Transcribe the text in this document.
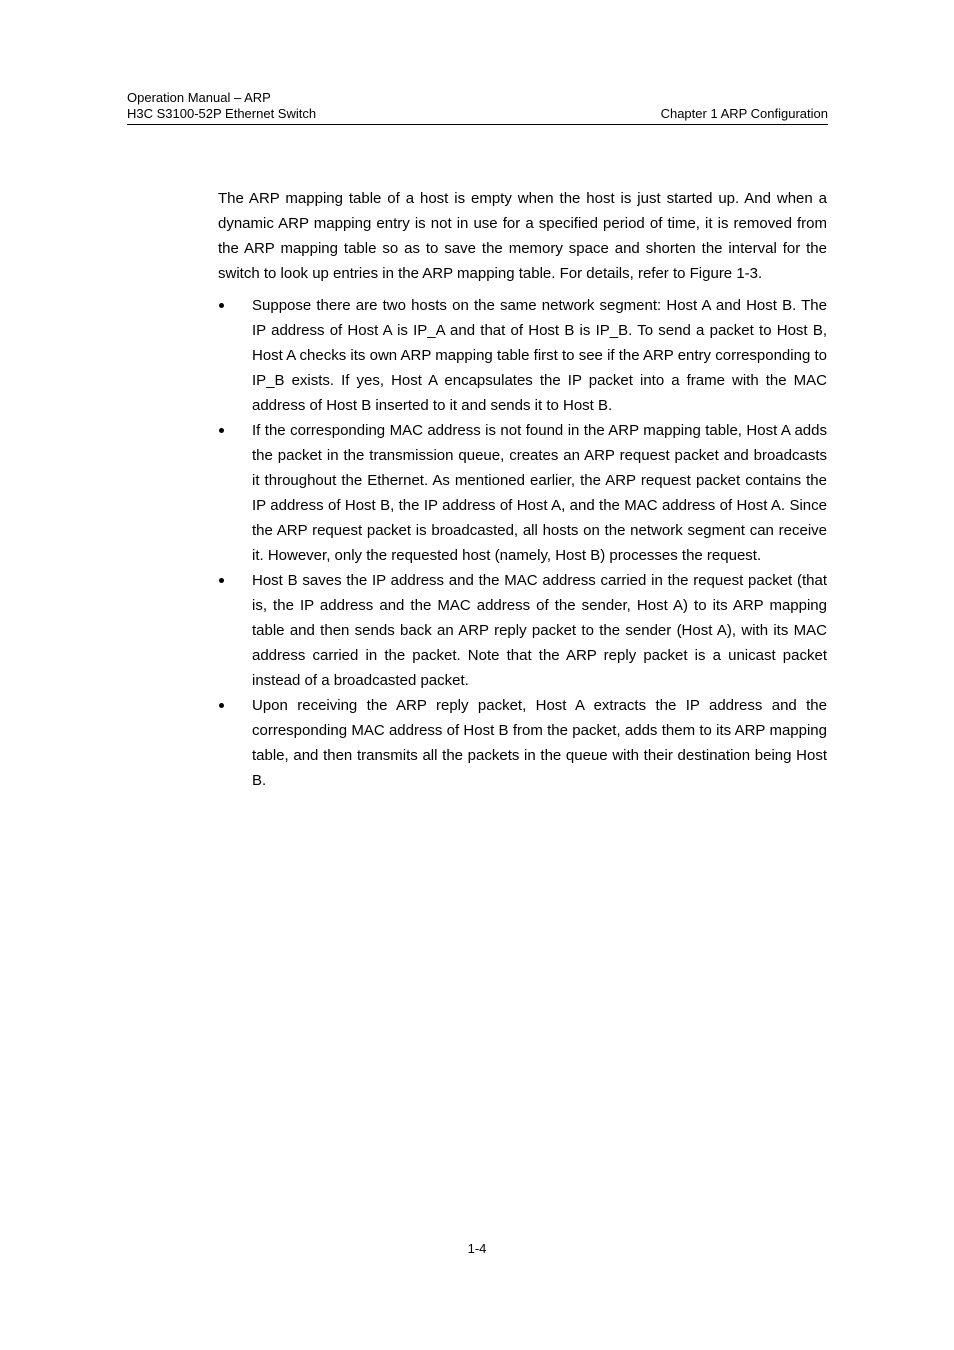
Operation Manual – ARP
H3C S3100-52P Ethernet Switch	Chapter 1 ARP Configuration

The ARP mapping table of a host is empty when the host is just started up. And when a dynamic ARP mapping entry is not in use for a specified period of time, it is removed from the ARP mapping table so as to save the memory space and shorten the interval for the switch to look up entries in the ARP mapping table. For details, refer to Figure 1-3.

Suppose there are two hosts on the same network segment: Host A and Host B. The IP address of Host A is IP_A and that of Host B is IP_B. To send a packet to Host B, Host A checks its own ARP mapping table first to see if the ARP entry corresponding to IP_B exists. If yes, Host A encapsulates the IP packet into a frame with the MAC address of Host B inserted to it and sends it to Host B.
If the corresponding MAC address is not found in the ARP mapping table, Host A adds the packet in the transmission queue, creates an ARP request packet and broadcasts it throughout the Ethernet. As mentioned earlier, the ARP request packet contains the IP address of Host B, the IP address of Host A, and the MAC address of Host A. Since the ARP request packet is broadcasted, all hosts on the network segment can receive it. However, only the requested host (namely, Host B) processes the request.
Host B saves the IP address and the MAC address carried in the request packet (that is, the IP address and the MAC address of the sender, Host A) to its ARP mapping table and then sends back an ARP reply packet to the sender (Host A), with its MAC address carried in the packet. Note that the ARP reply packet is a unicast packet instead of a broadcasted packet.
Upon receiving the ARP reply packet, Host A extracts the IP address and the corresponding MAC address of Host B from the packet, adds them to its ARP mapping table, and then transmits all the packets in the queue with their destination being Host B.
1-4
